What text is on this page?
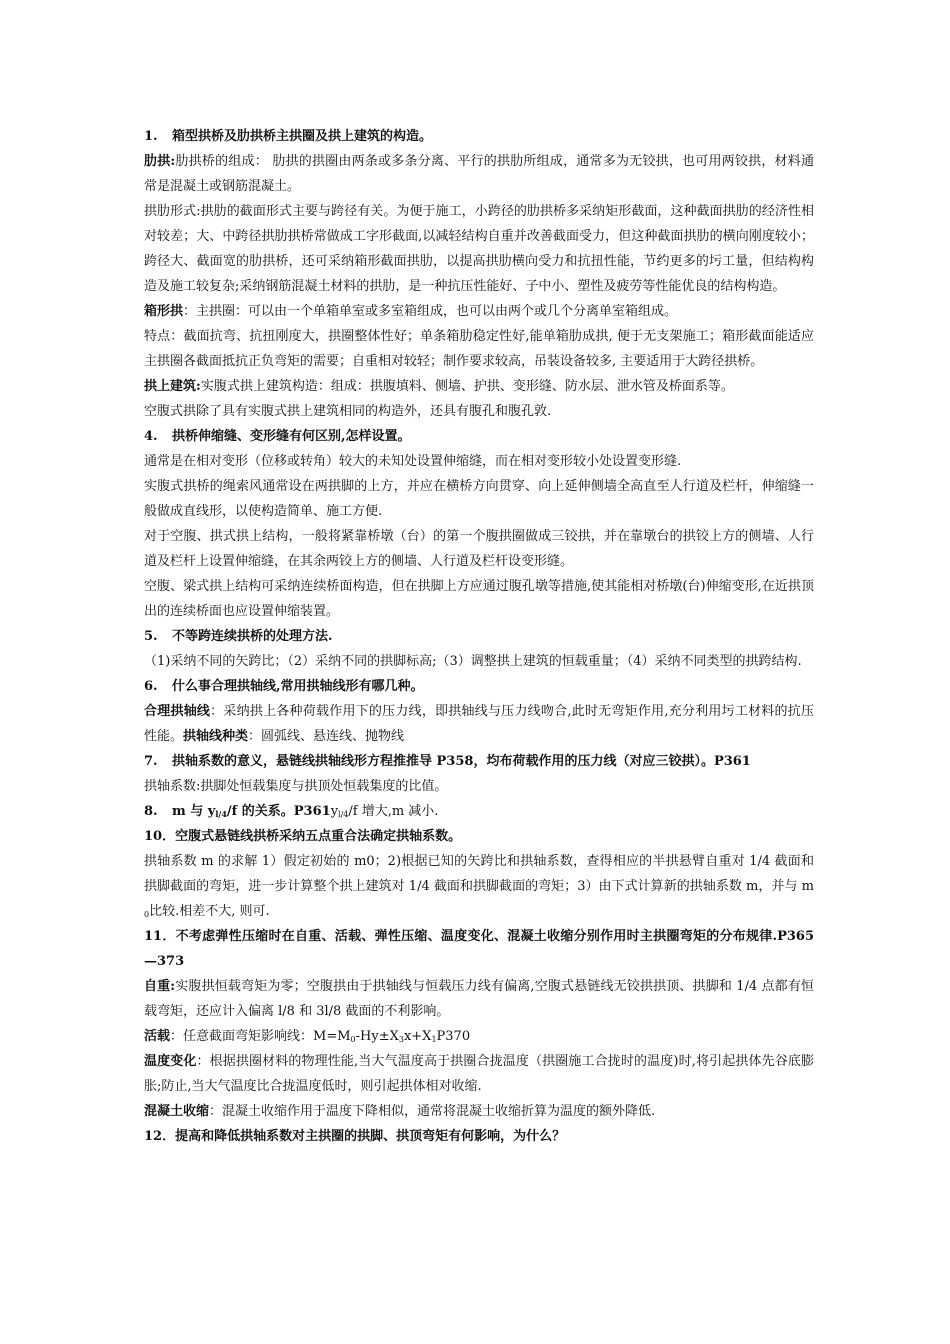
1. 箱型拱桥及肋拱桥主拱圈及拱上建筑的构造。

肋拱:肋拱桥的组成： 肋拱的拱圈由两条或多条分离、平行的拱肋所组成，通常多为无铰拱，也可用两铰拱，材料通常是混凝土或钢筋混凝土。

拱肋形式:拱肋的截面形式主要与跨径有关。为便于施工，小跨径的肋拱桥多采纳矩形截面，这种截面拱肋的经济性相对较差；大、中跨径拱肋拱桥常做成工字形截面,以减轻结构自重并改善截面受力，但这种截面拱肋的横向刚度较小；跨径大、截面宽的肋拱桥，还可采纳箱形截面拱肋，以提高拱肋横向受力和抗扭性能，节约更多的圬工量，但结构构造及施工较复杂;采纳钢筋混凝土材料的拱肋，是一种抗压性能好、子中小、塑性及疲劳等性能优良的结构构造。

箱形拱：主拱圈：可以由一个单箱单室或多室箱组成，也可以由两个或几个分离单室箱组成。

特点：截面抗弯、抗扭刚度大，拱圈整体性好；单条箱肋稳定性好,能单箱肋成拱, 便于无支架施工；箱形截面能适应主拱圈各截面抵抗正负弯矩的需要；自重相对较轻；制作要求较高，吊装设备较多, 主要适用于大跨径拱桥。

拱上建筑:实腹式拱上建筑构造：组成：拱腹填料、侧墙、护拱、变形缝、防水层、泄水管及桥面系等。

空腹式拱除了具有实腹式拱上建筑相同的构造外，还具有腹孔和腹孔敦.

4. 拱桥伸缩缝、变形缝有何区别,怎样设置。

通常是在相对变形（位移或转角）较大的未知处设置伸缩缝，而在相对变形较小处设置变形缝.

实腹式拱桥的绳索风通常设在两拱脚的上方，并应在横桥方向贯穿、向上延伸侧墙全高直至人行道及栏杆，伸缩缝一般做成直线形，以使构造简单、施工方便.

对于空腹、拱式拱上结构，一般将紧靠桥墩（台）的第一个腹拱圈做成三铰拱，并在靠墩台的拱铰上方的侧墙、人行道及栏杆上设置伸缩缝，在其余两铰上方的侧墙、人行道及栏杆设变形缝。

空腹、梁式拱上结构可采纳连续桥面构造，但在拱脚上方应通过腹孔墩等措施,使其能相对桥墩(台)伸缩变形,在近拱顶出的连续桥面也应设置伸缩装置。

5. 不等跨连续拱桥的处理方法.

（1)采纳不同的矢跨比；（2）采纳不同的拱脚标高;（3）调整拱上建筑的恒载重量；（4）采纳不同类型的拱跨结构.

6. 什么事合理拱轴线,常用拱轴线形有哪几种。

合理拱轴线：采纳拱上各种荷载作用下的压力线，即拱轴线与压力线吻合,此时无弯矩作用,充分利用圬工材料的抗压性能。拱轴线种类：圆弧线、悬连线、抛物线

7. 拱轴系数的意义，悬链线拱轴线形方程推推导 P358，均布荷载作用的压力线（对应三铰拱）。P361

拱轴系数:拱脚处恒载集度与拱顶处恒载集度的比值。

8. m 与 $y_{l/4}/f$ 的关系。$P361y_{l/4}/f$ 增大,m 减小.

10．空腹式悬链线拱桥采纳五点重合法确定拱轴系数。

拱轴系数 m 的求解 1）假定初始的 m0；2)根据已知的矢跨比和拱轴系数，查得相应的半拱悬臂自重对 1/4 截面和拱脚截面的弯矩，进一步计算整个拱上建筑对 1/4 截面和拱脚截面的弯矩；3）由下式计算新的拱轴系数 m，并与 $m_0$比较.相差不大, 则可.

11．不考虑弹性压缩时在自重、活载、弹性压缩、温度变化、混凝土收缩分别作用时主拱圈弯矩的分布规律.P365—373

自重:实腹拱恒载弯矩为零；空腹拱由于拱轴线与恒载压力线有偏离,空腹式悬链线无铰拱拱顶、拱脚和 1/4 点都有恒载弯矩，还应计入偏离 l/8 和 3l/8 截面的不利影响。

活载：任意截面弯矩影响线：$M=M_0-Hy\pm X_3x+X_1P370$

温度变化：根据拱圈材料的物理性能,当大气温度高于拱圈合拢温度（拱圈施工合拢时的温度)时,将引起拱体先谷底膨胀;防止,当大气温度比合拢温度低时，则引起拱体相对收缩.

混凝土收缩：混凝土收缩作用于温度下降相似，通常将混凝土收缩折算为温度的额外降低.

12．提高和降低拱轴系数对主拱圈的拱脚、拱顶弯矩有何影响，为什么？
